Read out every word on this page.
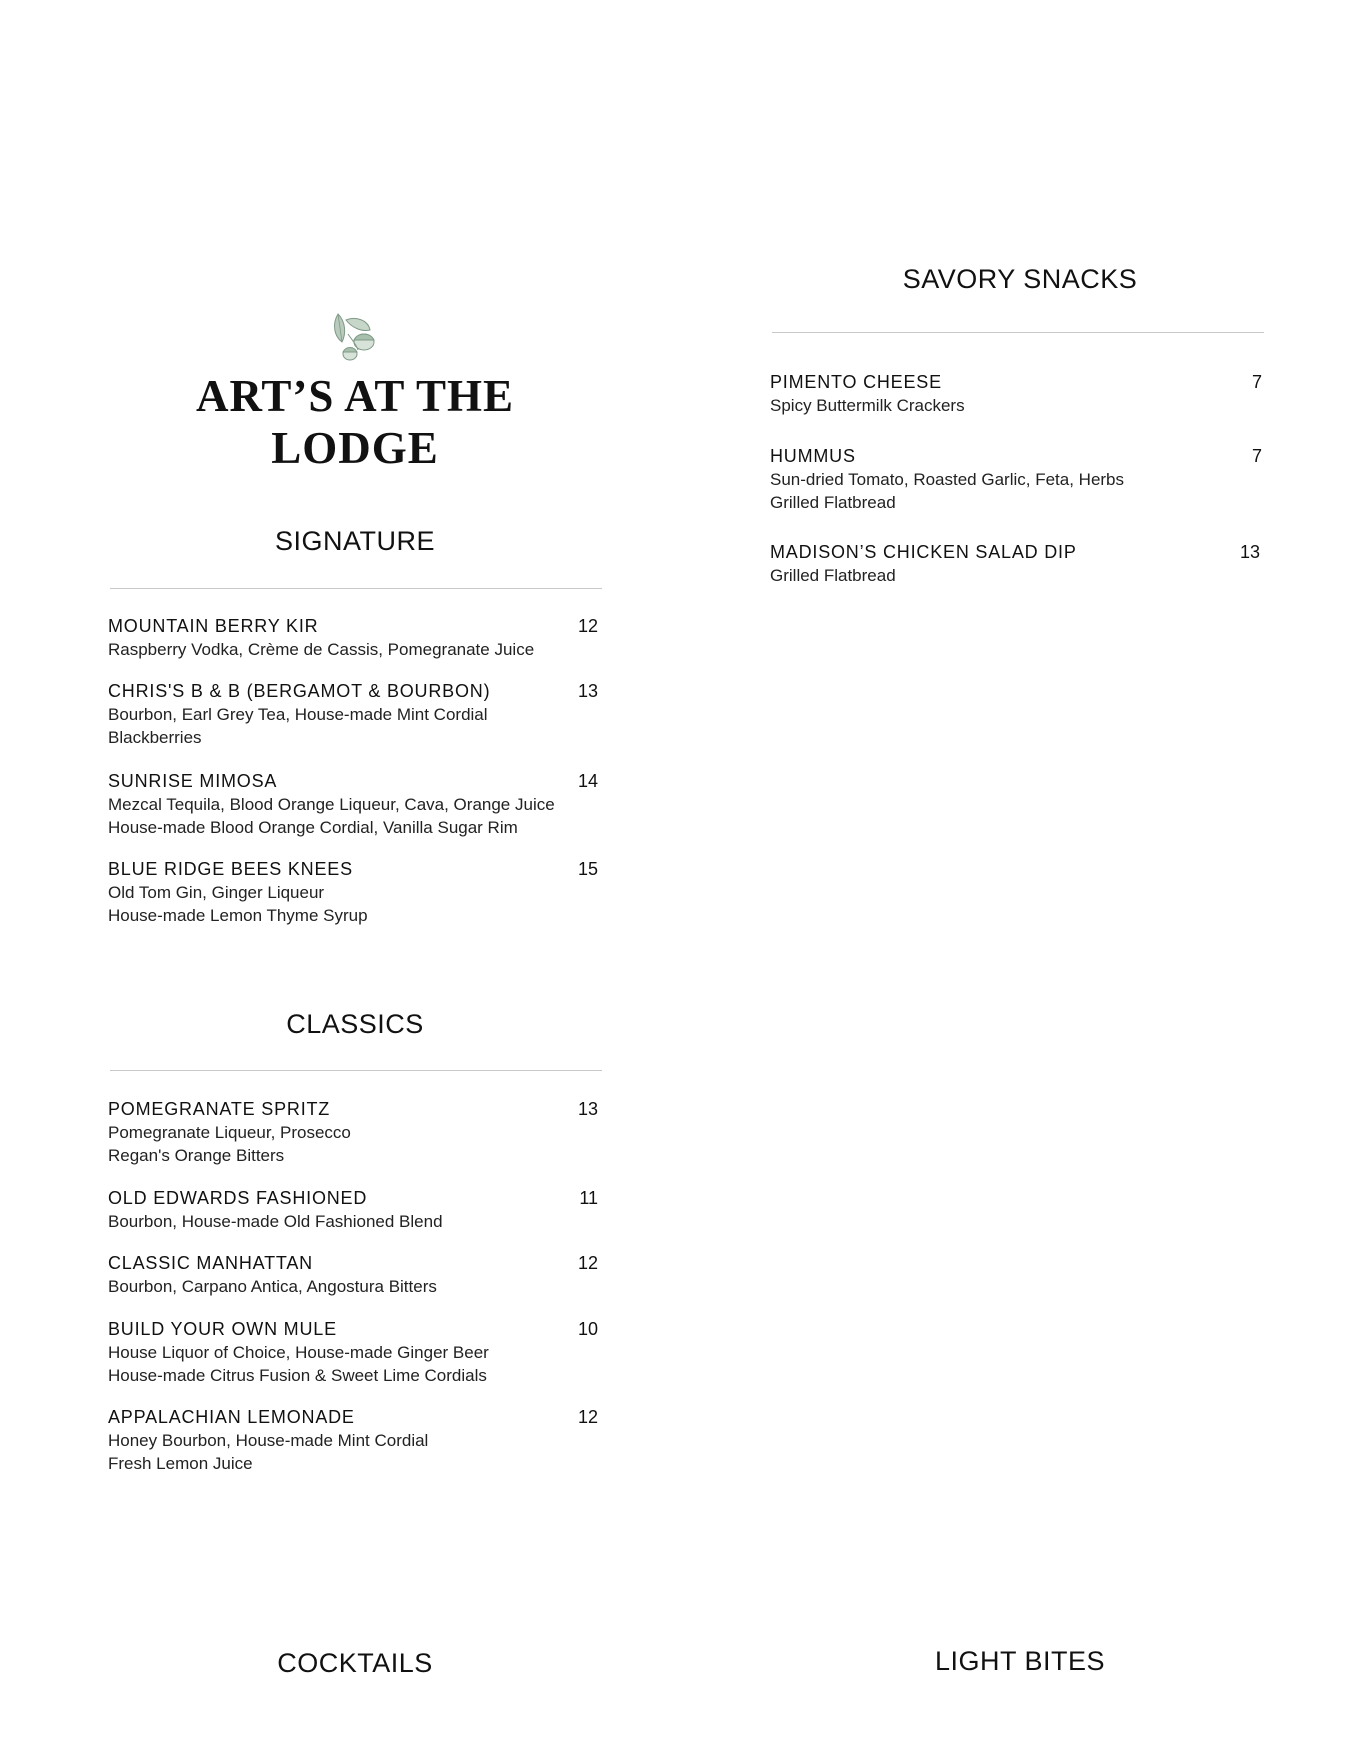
ART’S AT THE
LODGE
SIGNATURE
MOUNTAIN BERRY KIR	12
Raspberry Vodka, Crème de Cassis, Pomegranate Juice
CHRIS'S B & B (BERGAMOT & BOURBON)	13
Bourbon, Earl Grey Tea, House-made Mint Cordial
Blackberries
SUNRISE MIMOSA	14
Mezcal Tequila, Blood Orange Liqueur, Cava, Orange Juice
House-made Blood Orange Cordial, Vanilla Sugar Rim
BLUE RIDGE BEES KNEES	15
Old Tom Gin, Ginger Liqueur
House-made Lemon Thyme Syrup
CLASSICS
POMEGRANATE SPRITZ	13
Pomegranate Liqueur, Prosecco
Regan's Orange Bitters
OLD EDWARDS FASHIONED	11
Bourbon, House-made Old Fashioned Blend
CLASSIC MANHATTAN	12
Bourbon, Carpano Antica, Angostura Bitters
BUILD YOUR OWN MULE	10
House Liquor of Choice, House-made Ginger Beer
House-made Citrus Fusion & Sweet Lime Cordials
APPALACHIAN LEMONADE	12
Honey Bourbon, House-made Mint Cordial
Fresh Lemon Juice
SAVORY SNACKS
PIMENTO CHEESE	7
Spicy Buttermilk Crackers
HUMMUS	7
Sun-dried Tomato, Roasted Garlic, Feta, Herbs
Grilled Flatbread
MADISON’S CHICKEN SALAD DIP	13
Grilled Flatbread
COCKTAILS	LIGHT BITES
